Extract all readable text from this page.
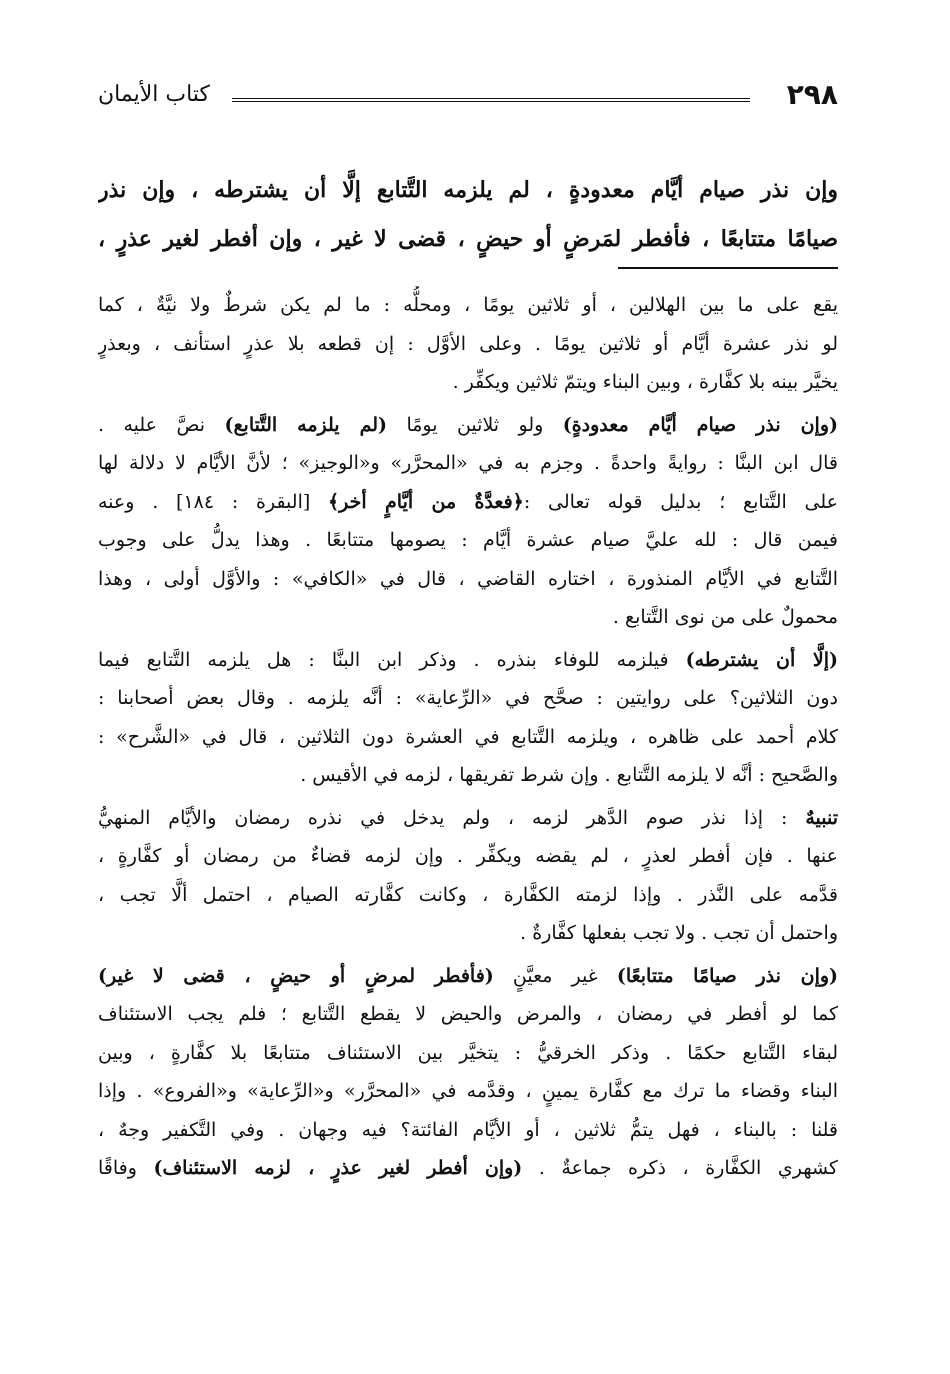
٢٩٨
كتاب الأيمان
وإن نذر صيام أيَّام معدودةٍ ، لم يلزمه التَّتابع إلَّا أن يشترطه ، وإن نذر
صيامًا متتابعًا ، فأفطر لمَرضٍ أو حيضٍ ، قضى لا غير ، وإن أفطر لغير عذرٍ ،
يقع على ما بين الهلالين ، أو ثلاثين يومًا ، ومحلُّه : ما لم يكن شرطٌ ولا نيَّةٌ ، كما
لو نذر عشرة أيَّام أو ثلاثين يومًا . وعلى الأوَّل : إن قطعه بلا عذرٍ استأنف ، وبعذرٍ
يخيَّر بينه بلا كفَّارة ، وبين البناء ويتمّ ثلاثين ويكفِّر .
(وإن نذر صيام أيَّام معدودةٍ) ولو ثلاثين يومًا (لم يلزمه التَّتابع) نصَّ عليه .
قال ابن البنَّا : روايةً واحدةً . وجزم به في «المحرَّر» و«الوجيز» ؛ لأنَّ الأيَّام لا دلالة لها
على التَّتابع ؛ بدليل قوله تعالى :﴿فعدَّةٌ من أيَّامٍ أخر﴾ [البقرة : ١٨٤] . وعنه
فيمن قال : لله عليَّ صيام عشرة أيَّام : يصومها متتابعًا . وهذا يدلُّ على وجوب
التَّتابع في الأيَّام المنذورة ، اختاره القاضي ، قال في «الكافي» : والأوَّل أولى ، وهذا
محمولٌ على من نوى التَّتابع .
(إلَّا أن يشترطه) فيلزمه للوفاء بنذره . وذكر ابن البنَّا : هل يلزمه التَّتابع فيما
دون الثلاثين؟ على روايتين : صحَّح في «الرِّعاية» : أنَّه يلزمه . وقال بعض أصحابنا :
كلام أحمد على ظاهره ، ويلزمه التَّتابع في العشرة دون الثلاثين ، قال في «الشَّرح» :
والصَّحيح : أنَّه لا يلزمه التَّتابع . وإن شرط تفريقها ، لزمه في الأقيس .
تنبيهٌ : إذا نذر صوم الدَّهر لزمه ، ولم يدخل في نذره رمضان والأيَّام المنهيُّ
عنها . فإن أفطر لعذرٍ ، لم يقضه ويكفِّر . وإن لزمه قضاءٌ من رمضان أو كفَّارةٍ ،
قدَّمه على النَّذر . وإذا لزمته الكفَّارة ، وكانت كفَّارته الصيام ، احتمل ألَّا تجب ،
واحتمل أن تجب . ولا تجب بفعلها كفَّارةٌ .
(وإن نذر صيامًا متتابعًا) غير معيَّنٍ (فأفطر لمرضٍ أو حيضٍ ، قضى لا غير)
كما لو أفطر في رمضان ، والمرض والحيض لا يقطع التَّتابع ؛ فلم يجب الاستئناف
لبقاء التَّتابع حكمًا . وذكر الخرقيُّ : يتخيَّر بين الاستئناف متتابعًا بلا كفَّارةٍ ، وبين
البناء وقضاء ما ترك مع كفَّارة يمينٍ ، وقدَّمه في «المحرَّر» و«الرِّعاية» و«الفروع» . وإذا
قلنا : بالبناء ، فهل يتمُّ ثلاثين ، أو الأيَّام الفائتة؟ فيه وجهان . وفي التَّكفير وجهٌ ،
كشهري الكفَّارة ، ذكره جماعةٌ . (وإن أفطر لغير عذرٍ ، لزمه الاستئناف) وفاقًا
